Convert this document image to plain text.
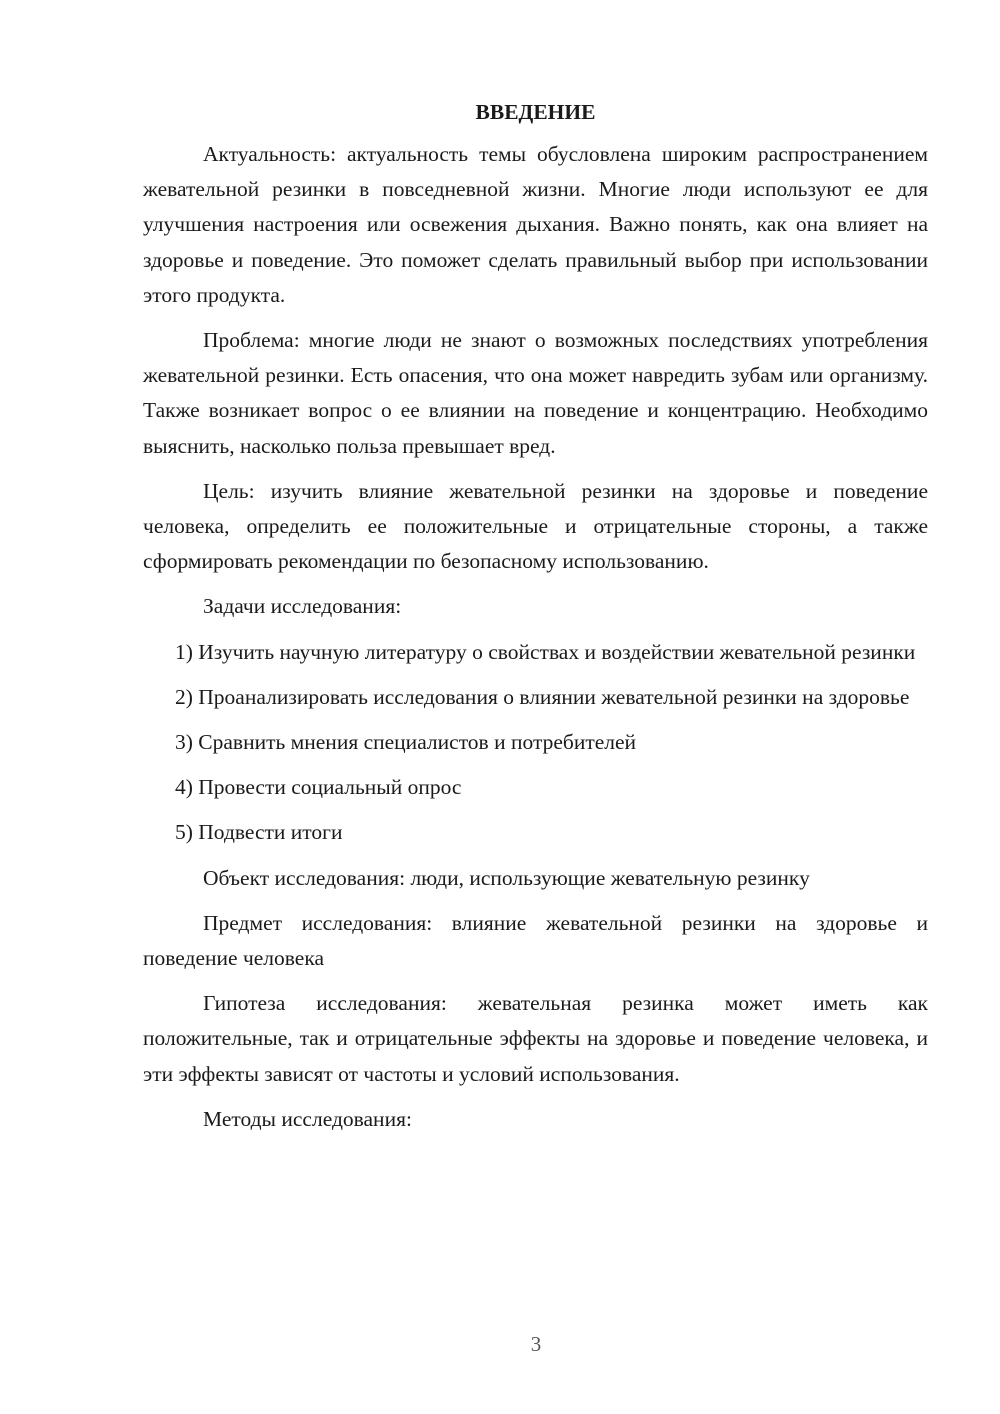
ВВЕДЕНИЕ

Актуальность: актуальность темы обусловлена широким распространением жевательной резинки в повседневной жизни. Многие люди используют ее для улучшения настроения или освежения дыхания. Важно понять, как она влияет на здоровье и поведение. Это поможет сделать правильный выбор при использовании этого продукта.

Проблема: многие люди не знают о возможных последствиях употребления жевательной резинки. Есть опасения, что она может навредить зубам или организму. Также возникает вопрос о ее влиянии на поведение и концентрацию. Необходимо выяснить, насколько польза превышает вред.

Цель: изучить влияние жевательной резинки на здоровье и поведение человека, определить ее положительные и отрицательные стороны, а также сформировать рекомендации по безопасному использованию.

Задачи исследования:

1) Изучить научную литературу о свойствах и воздействии жевательной резинки

2) Проанализировать исследования о влиянии жевательной резинки на здоровье

3) Сравнить мнения специалистов и потребителей

4) Провести социальный опрос

5) Подвести итоги

Объект исследования: люди, использующие жевательную резинку

Предмет исследования: влияние жевательной резинки на здоровье и поведение человека

Гипотеза исследования: жевательная резинка может иметь как положительные, так и отрицательные эффекты на здоровье и поведение человека, и эти эффекты зависят от частоты и условий использования.

Методы исследования:

3
